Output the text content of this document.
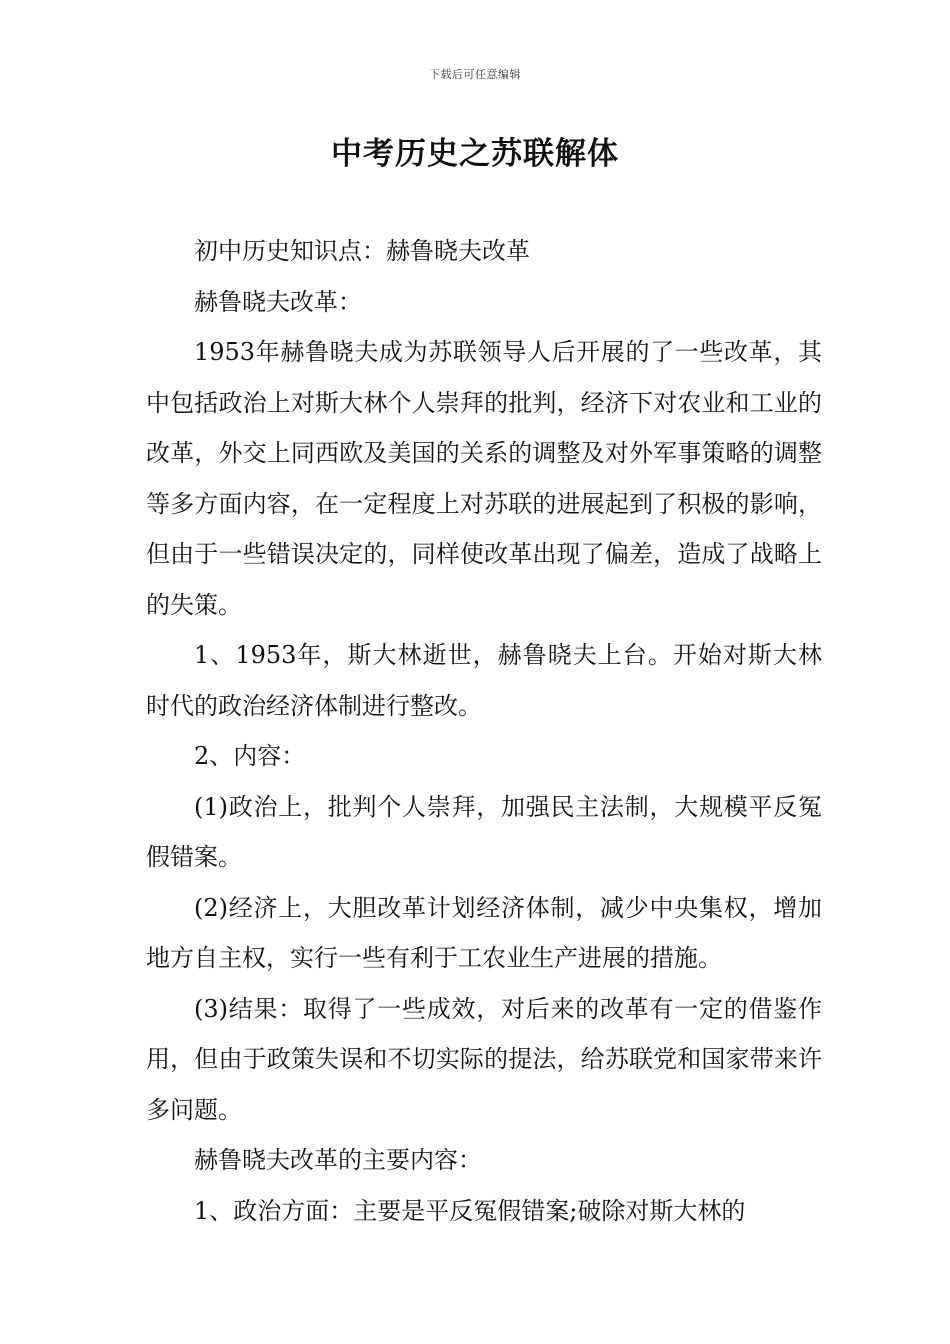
下载后可任意编辑
中考历史之苏联解体

初中历史知识点：赫鲁晓夫改革

赫鲁晓夫改革：

1953年赫鲁晓夫成为苏联领导人后开展的了一些改革，其中包括政治上对斯大林个人崇拜的批判，经济下对农业和工业的改革，外交上同西欧及美国的关系的调整及对外军事策略的调整等多方面内容，在一定程度上对苏联的进展起到了积极的影响，但由于一些错误决定的，同样使改革出现了偏差，造成了战略上的失策。

1、1953年，斯大林逝世，赫鲁晓夫上台。开始对斯大林时代的政治经济体制进行整改。

2、内容：

(1)政治上，批判个人崇拜，加强民主法制，大规模平反冤假错案。

(2)经济上，大胆改革计划经济体制，减少中央集权，增加地方自主权，实行一些有利于工农业生产进展的措施。

(3)结果：取得了一些成效，对后来的改革有一定的借鉴作用，但由于政策失误和不切实际的提法，给苏联党和国家带来许多问题。

赫鲁晓夫改革的主要内容：

1、政治方面：主要是平反冤假错案;破除对斯大林的
